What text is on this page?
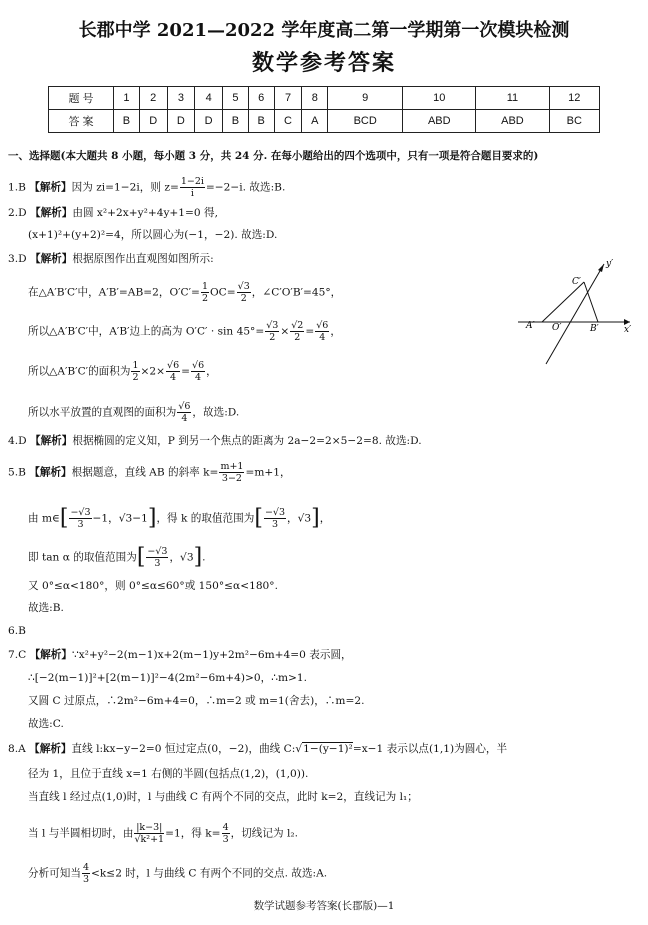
长郡中学 2021—2022 学年度高二第一学期第一次模块检测
数学参考答案
题 号	1	2	3	4	5	6	7	8	9	10	11	12
答 案	B	D	D	D	B	B	C	A	BCD	ABD	ABD	BC
一、选择题(本大题共 8 小题，每小题 3 分，共 24 分. 在每小题给出的四个选项中，只有一项是符合题目要求的)
1.B 【解析】因为 zi=1−2i，则 $z= \frac{1-2i}{i} =-2-i$. 故选:B.
2.D 【解析】由圆 x²+2x+y²+4y+1=0 得,
(x+1)²+(y+2)²=4，所以圆心为(−1，−2). 故选:D.
3.D 【解析】根据原图作出直观图如图所示:
在△A′B′C′中，A′B′=AB=2，$O'C'= \frac{1}{2} OC= \frac{√3}{2}$ ，∠C′O′B′=45°，
所以△A′B′C′中，A′B′边上的高为 $O'C' \cdot \sin 45^\circ= \frac{√3}{2} \times \frac{√2}{2} = \frac{√6}{4}$ ，
所以△A′B′C′的面积为 $\frac{1}{2} \times 2\times \frac{√6}{4} = \frac{√6}{4}$ ，
所以水平放置的直观图的面积为 $\frac{√6}{4}$ ，故选:D.
A′ O′	B′
C′
x′
y′
4.D 【解析】根据椭圆的定义知，P 到另一个焦点的距离为 2a−2=2×5−2=8. 故选:D.
5.B 【解析】根据题意，直线 AB 的斜率 $k= \frac{m+1}{3-2} =m+1$，
由 m∈[ $\frac{-√3}{3} -1$，√3−1]，得 k 的取值范围为[ $\frac{-√3}{3}$ ，√3]，
即 tan α 的取值范围为[ $\frac{-√3}{3}$ ，√3].
又 0°≤α<180°，则 0°≤α≤60°或 150°≤α<180°.
故选:B.
6.B
7.C 【解析】∵x²+y²−2(m−1)x+2(m−1)y+2m²−6m+4=0 表示圆，
∴[−2(m−1)]²+[2(m−1)]²−4(2m²−6m+4)>0，∴m>1.
又圆 C 过原点，∴2m²−6m+4=0，∴m=2 或 m=1(舍去)，∴m=2.
故选:C.
8.A 【解析】直线 l:kx−y−2=0 恒过定点(0，−2)，曲线 C:√1−(y−1)²=x−1 表示以点(1,1)为圆心，半
径为 1，且位于直线 x=1 右侧的半圆(包括点(1,2)，(1,0)).
当直线 l 经过点(1,0)时，l 与曲线 C 有两个不同的交点，此时 k=2，直线记为 l₁；
当 l 与半圆相切时，由 $\frac{|k-3|}{\text{√k²+1}} =1$，得 $k= \frac{4}{3}$ ，切线记为 l₂.
分析可知当 $\frac{4}{3} <k\le 2$ 时，l 与曲线 C 有两个不同的交点. 故选:A.
数学试题参考答案(长郡版)—1
